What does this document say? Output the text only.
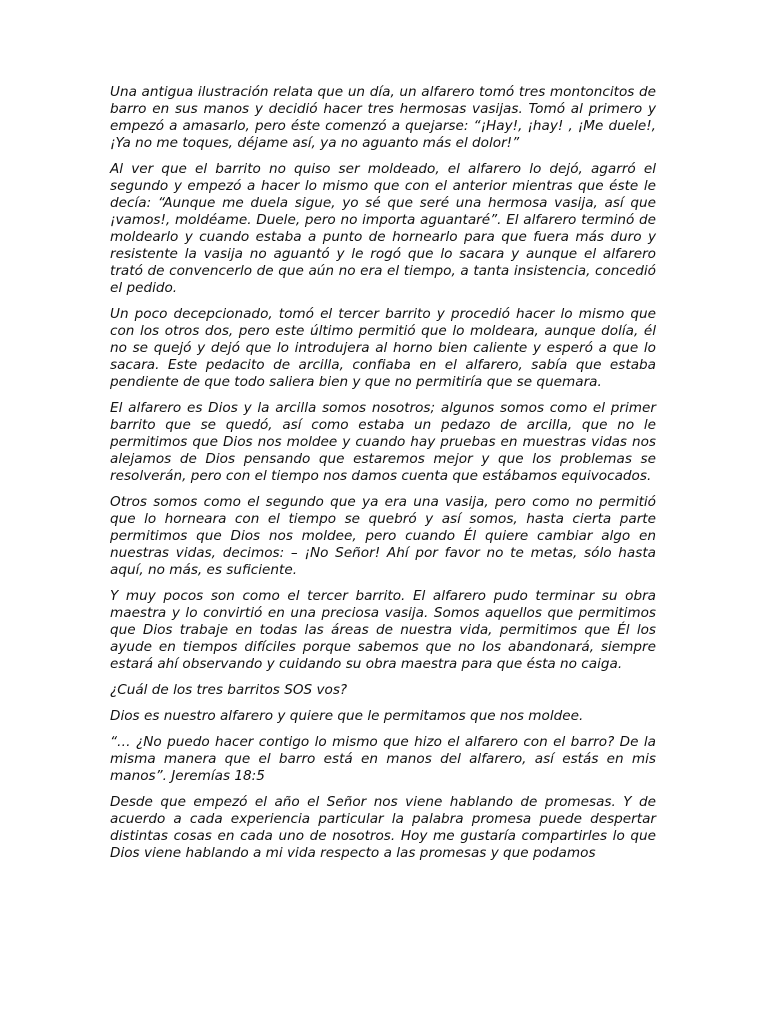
Una antigua ilustración relata que un día, un alfarero tomó tres montoncitos de barro en sus manos y decidió hacer tres hermosas vasijas. Tomó al primero y empezó a amasarlo, pero éste comenzó a quejarse: “¡Hay!, ¡hay! , ¡Me duele!, ¡Ya no me toques, déjame así, ya no aguanto más el dolor!”

Al ver que el barrito no quiso ser moldeado, el alfarero lo dejó, agarró el segundo y empezó a hacer lo mismo que con el anterior mientras que éste le decía: “Aunque me duela sigue, yo sé que seré una hermosa vasija, así que ¡vamos!, moldéame. Duele, pero no importa aguantaré”. El alfarero terminó de moldearlo y cuando estaba a punto de hornearlo para que fuera más duro y resistente la vasija no aguantó y le rogó que lo sacara y aunque el alfarero trató de convencerlo de que aún no era el tiempo, a tanta insistencia, concedió el pedido.

Un poco decepcionado, tomó el tercer barrito y procedió hacer lo mismo que con los otros dos, pero este último permitió que lo moldeara, aunque dolía, él no se quejó y dejó que lo introdujera al horno bien caliente y esperó a que lo sacara. Este pedacito de arcilla, confiaba en el alfarero, sabía que estaba pendiente de que todo saliera bien y que no permitiría que se quemara.

El alfarero es Dios y la arcilla somos nosotros; algunos somos como el primer barrito que se quedó, así como estaba un pedazo de arcilla, que no le permitimos que Dios nos moldee y cuando hay pruebas en muestras vidas nos alejamos de Dios pensando que estaremos mejor y que los problemas se resolverán, pero con el tiempo nos damos cuenta que estábamos equivocados.

Otros somos como el segundo que ya era una vasija, pero como no permitió que lo horneara con el tiempo se quebró y así somos, hasta cierta parte permitimos que Dios nos moldee, pero cuando Él quiere cambiar algo en nuestras vidas, decimos: – ¡No Señor! Ahí por favor no te metas, sólo hasta aquí, no más, es suficiente.

Y muy pocos son como el tercer barrito. El alfarero pudo terminar su obra maestra y lo convirtió en una preciosa vasija. Somos aquellos que permitimos que Dios trabaje en todas las áreas de nuestra vida, permitimos que Él los ayude en tiempos difíciles porque sabemos que no los abandonará, siempre estará ahí observando y cuidando su obra maestra para que ésta no caiga.

¿Cuál de los tres barritos SOS vos?

Dios es nuestro alfarero y quiere que le permitamos que nos moldee.

“… ¿No puedo hacer contigo lo mismo que hizo el alfarero con el barro? De la misma manera que el barro está en manos del alfarero, así estás en mis manos”. Jeremías 18:5

Desde que empezó el año el Señor nos viene hablando de promesas. Y de acuerdo a cada experiencia particular la palabra promesa puede despertar distintas cosas en cada uno de nosotros. Hoy me gustaría compartirles lo que Dios viene hablando a mi vida respecto a las promesas y que podamos
